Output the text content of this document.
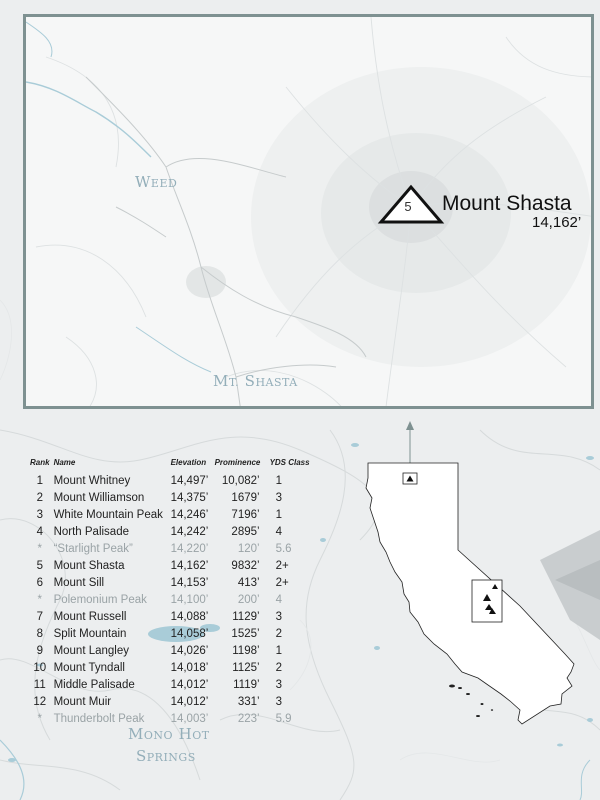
WEED
MT. SHASTA
5 Mount Shasta
14,162’
MONO HOT
SPRINGS
Rank	Name	Elevation	Prominence	YDS Class
1	Mount Whitney	14,497’	10,082’	1
2	Mount Williamson	14,375’	1679’	3
3	White Mountain Peak	14,246’	7196’	1
4	North Palisade	14,242’	2895’	4
*	“Starlight Peak”	14,220’	120’	5.6
5	Mount Shasta	14,162’	9832’	2+
6	Mount Sill	14,153’	413’	2+
*	Polemonium Peak	14,100’	200’	4
7	Mount Russell	14,088’	1129’	3
8	Split Mountain	14,058’	1525’	2
9	Mount Langley	14,026’	1198’	1
10	Mount Tyndall	14,018’	1125’	2
11	Middle Palisade	14,012’	1119’	3
12	Mount Muir	14,012’	331’	3
*	Thunderbolt Peak	14,003’	223’	5.9
